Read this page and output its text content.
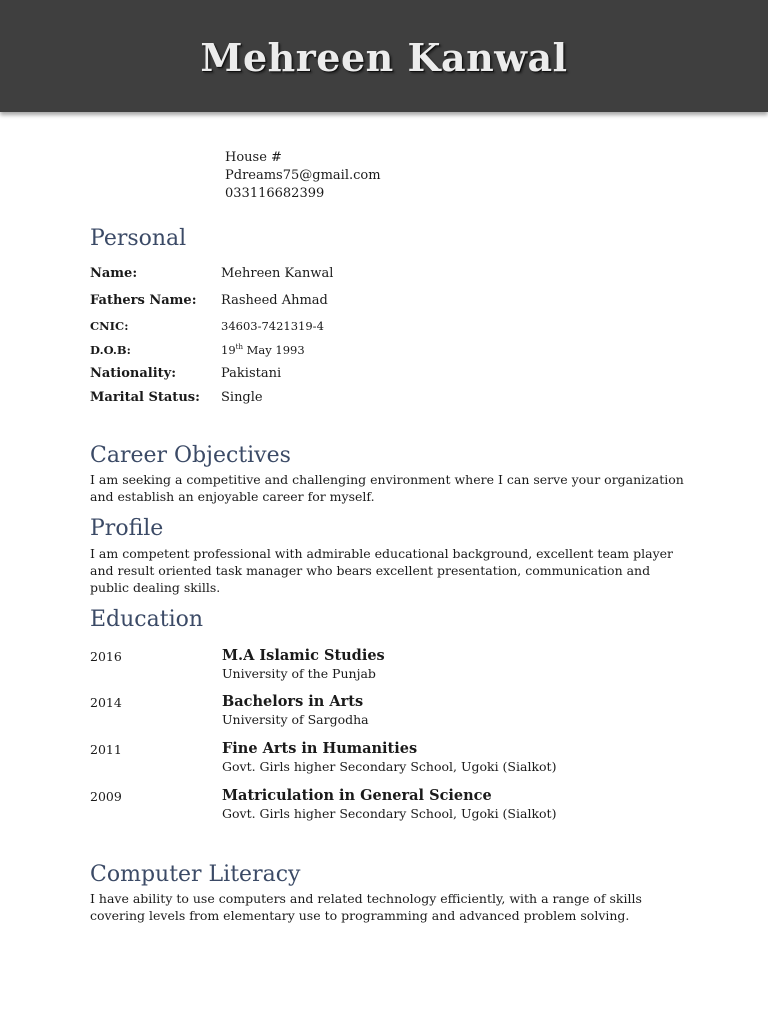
Mehreen Kanwal
House #
Pdreams75@gmail.com
033116682399
Personal
Name:	Mehreen Kanwal
Fathers Name: Rasheed Ahmad
CNIC:	34603-7421319-4
D.O.B:	19th May 1993
Nationality:	Pakistani
Marital Status: Single
Career Objectives

I am seeking a competitive and challenging environment where I can serve your organization and establish an enjoyable career for myself.

Profile

I am competent professional with admirable educational background, excellent team player and result oriented task manager who bears excellent presentation, communication and public dealing skills.

Education
2016	M.A Islamic Studies
University of the Punjab
2014	Bachelors in Arts
University of Sargodha
2011	Fine Arts in Humanities
Govt. Girls higher Secondary School, Ugoki (Sialkot)
2009	Matriculation in General Science
Govt. Girls higher Secondary School, Ugoki (Sialkot)
Computer Literacy

I have ability to use computers and related technology efficiently, with a range of skills covering levels from elementary use to programming and advanced problem solving.
